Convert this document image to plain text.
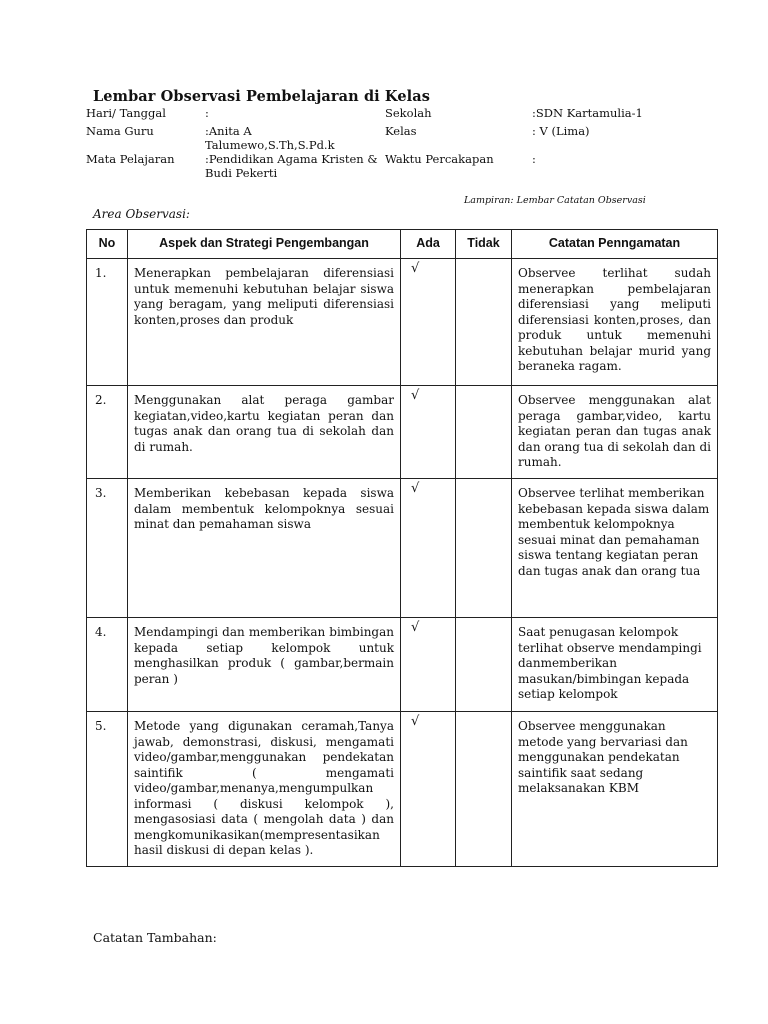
Lembar Observasi Pembelajaran di Kelas
Hari/ Tanggal	:	Sekolah	:SDN Kartamulia-1
Nama Guru	:Anita A
Talumewo,S.Th,S.Pd.k
Kelas	: V (Lima)
Mata Pelajaran	:Pendidikan Agama Kristen &
Budi Pekerti
Waktu Percakapan	:
Lampiran: Lembar Catatan Observasi
Area Observasi:
No	Aspek dan Strategi Pengembangan	Ada	Tidak	Catatan Penngamatan
1.	Menerapkan pembelajaran diferensiasi untuk memenuhi kebutuhan belajar siswa yang beragam, yang meliputi diferensiasi konten,proses dan produk	√		Observee terlihat sudah menerapkan pembelajaran diferensiasi yang meliputi diferensiasi konten,proses, dan produk untuk memenuhi kebutuhan belajar murid yang beraneka ragam.
2.	Menggunakan alat peraga gambar kegiatan,video,kartu kegiatan peran dan tugas anak dan orang tua di sekolah dan di rumah.	√		Observee menggunakan alat peraga gambar,video, kartu kegiatan peran dan tugas anak dan orang tua di sekolah dan di rumah.
3.	Memberikan kebebasan kepada siswa dalam membentuk kelompoknya sesuai minat dan pemahaman siswa	√		Observee terlihat memberikan kebebasan kepada siswa dalam membentuk kelompoknya sesuai minat dan pemahaman siswa tentang kegiatan peran dan tugas anak dan orang tua
4.	Mendampingi dan memberikan bimbingan kepada setiap kelompok untuk menghasilkan produk ( gambar,bermain peran )	√		Saat penugasan kelompok terlihat observe mendampingi danmemberikan masukan/bimbingan kepada setiap kelompok
5.	Metode yang digunakan ceramah,Tanya jawab, demonstrasi, diskusi, mengamati video/gambar,menggunakan pendekatan saintifik ( mengamati video/gambar,menanya,mengumpulkan informasi ( diskusi kelompok ), mengasosiasi data ( mengolah data ) dan mengkomunikasikan(mempresentasikan hasil diskusi di depan kelas ).	√		Observee menggunakan metode yang bervariasi dan menggunakan pendekatan saintifik saat sedang melaksanakan KBM
Catatan Tambahan:
